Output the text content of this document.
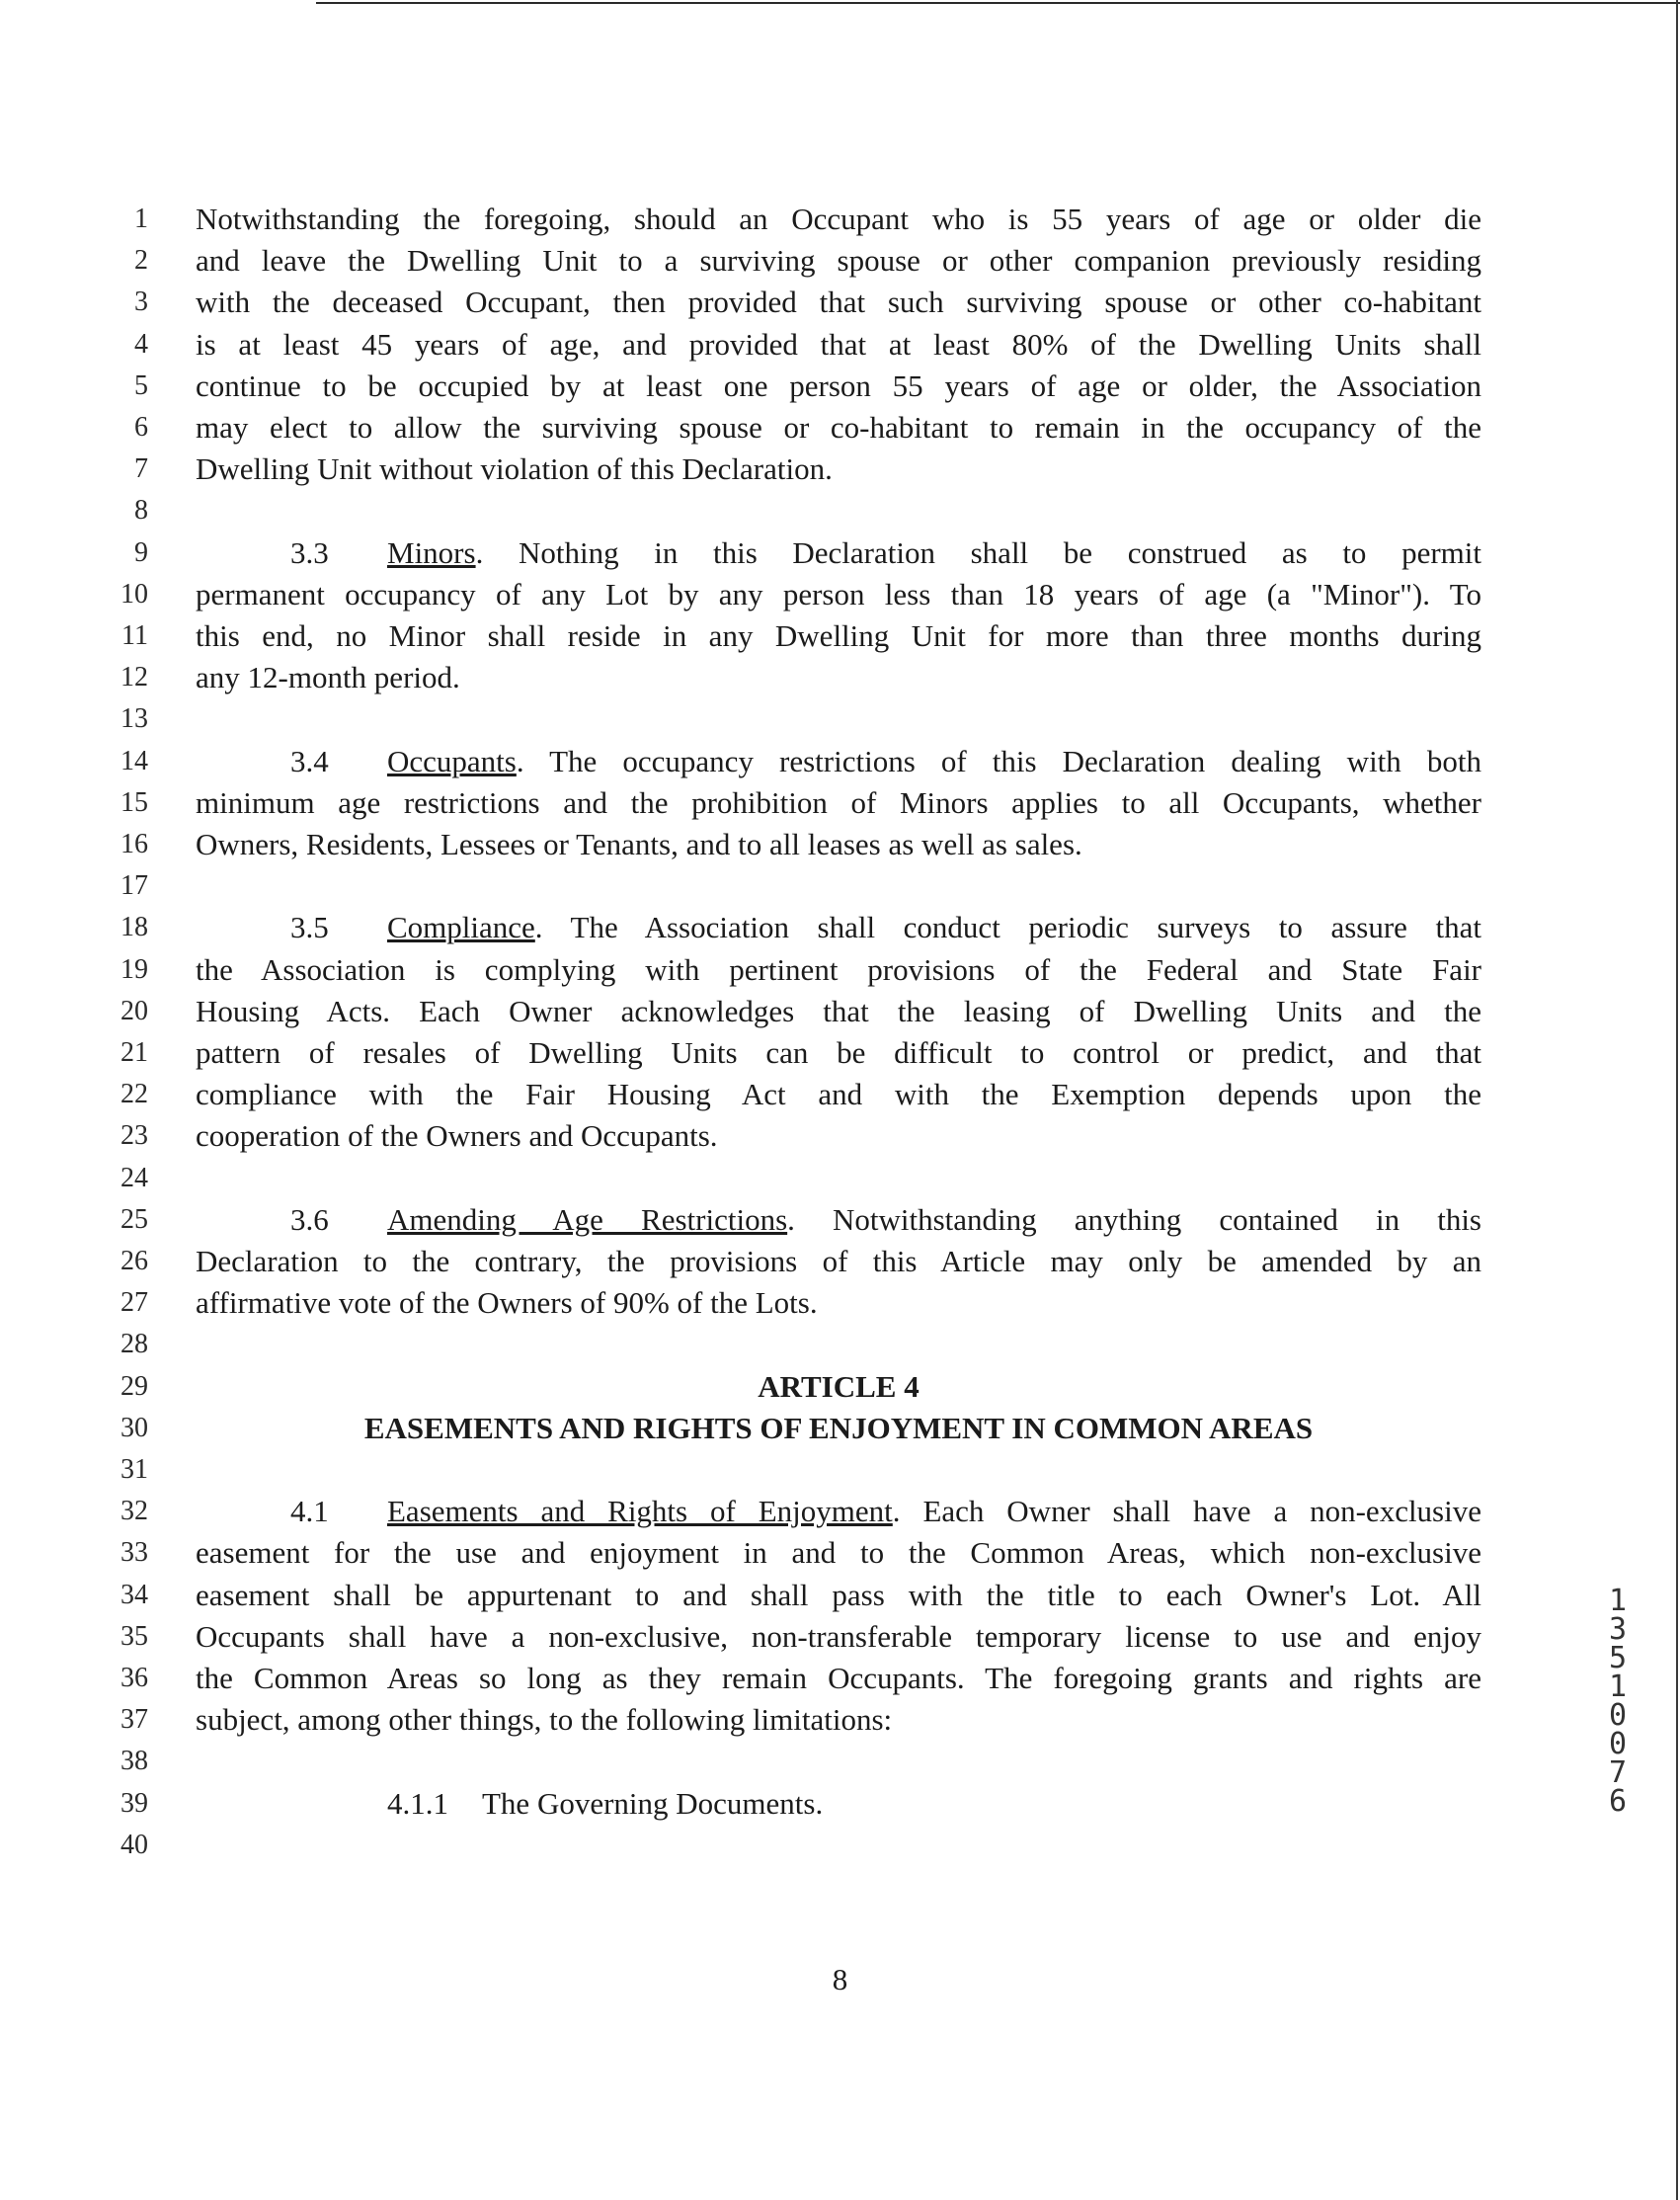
1 Notwithstanding the foregoing, should an Occupant who is 55 years of age or older die
2 and leave the Dwelling Unit to a surviving spouse or other companion previously residing
3 with the deceased Occupant, then provided that such surviving spouse or other co-habitant
4 is at least 45 years of age, and provided that at least 80% of the Dwelling Units shall
5 continue to be occupied by at least one person 55 years of age or older, the Association
6 may elect to allow the surviving spouse or co-habitant to remain in the occupancy of the
7 Dwelling Unit without violation of this Declaration.
8
9	3.3 Minors. Nothing in this Declaration shall be construed as to permit
10 permanent occupancy of any Lot by any person less than 18 years of age (a "Minor"). To
11 this end, no Minor shall reside in any Dwelling Unit for more than three months during
12 any 12-month period.
13
14	3.4 Occupants. The occupancy restrictions of this Declaration dealing with both
15 minimum age restrictions and the prohibition of Minors applies to all Occupants, whether
16 Owners, Residents, Lessees or Tenants, and to all leases as well as sales.
17
18	3.5 Compliance. The Association shall conduct periodic surveys to assure that
19 the Association is complying with pertinent provisions of the Federal and State Fair
20 Housing Acts. Each Owner acknowledges that the leasing of Dwelling Units and the
21 pattern of resales of Dwelling Units can be difficult to control or predict, and that
22 compliance with the Fair Housing Act and with the Exemption depends upon the
23 cooperation of the Owners and Occupants.
24
25	3.6 Amending Age Restrictions. Notwithstanding anything contained in this
26 Declaration to the contrary, the provisions of this Article may only be amended by an
27 affirmative vote of the Owners of 90% of the Lots.
28
29	ARTICLE 4
30	EASEMENTS AND RIGHTS OF ENJOYMENT IN COMMON AREAS
31
32	4.1 Easements and Rights of Enjoyment. Each Owner shall have a non-exclusive
33 easement for the use and enjoyment in and to the Common Areas, which non-exclusive
34 easement shall be appurtenant to and shall pass with the title to each Owner's Lot. All
35 Occupants shall have a non-exclusive, non-transferable temporary license to use and enjoy
36 the Common Areas so long as they remain Occupants. The foregoing grants and rights are
37 subject, among other things, to the following limitations:
38
39	4.1.1 The Governing Documents.
40
8
1
3
5
1
0
0
7
6
